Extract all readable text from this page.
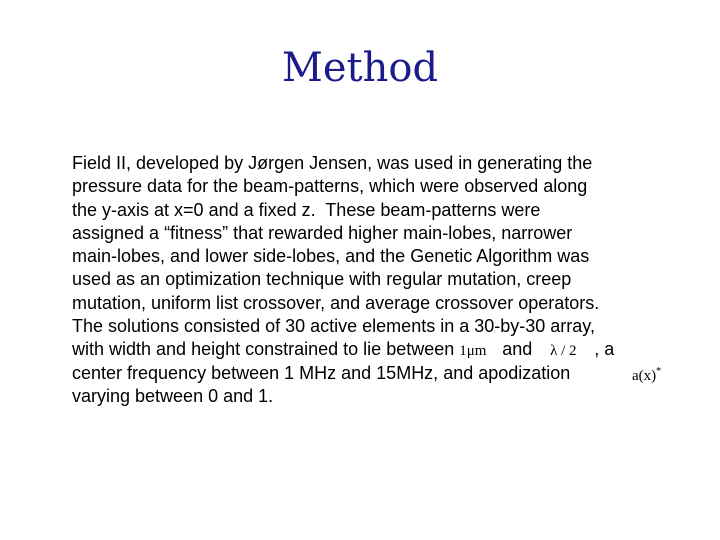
Method
Field II, developed by Jørgen Jensen, was used in generating the
pressure data for the beam-patterns, which were observed along
the y-axis at x=0 and a fixed z.  These beam-patterns were
assigned a “fitness” that rewarded higher main-lobes, narrower
main-lobes, and lower side-lobes, and the Genetic Algorithm was
used as an optimization technique with regular mutation, creep
mutation, uniform list crossover, and average crossover operators.
The solutions consisted of 30 active elements in a 30-by-30 array,
with width and height constrained to lie between 1μm and λ / 2 , a
center frequency between 1 MHz and 15MHz, and apodization
varying between 0 and 1.
a(x)*
